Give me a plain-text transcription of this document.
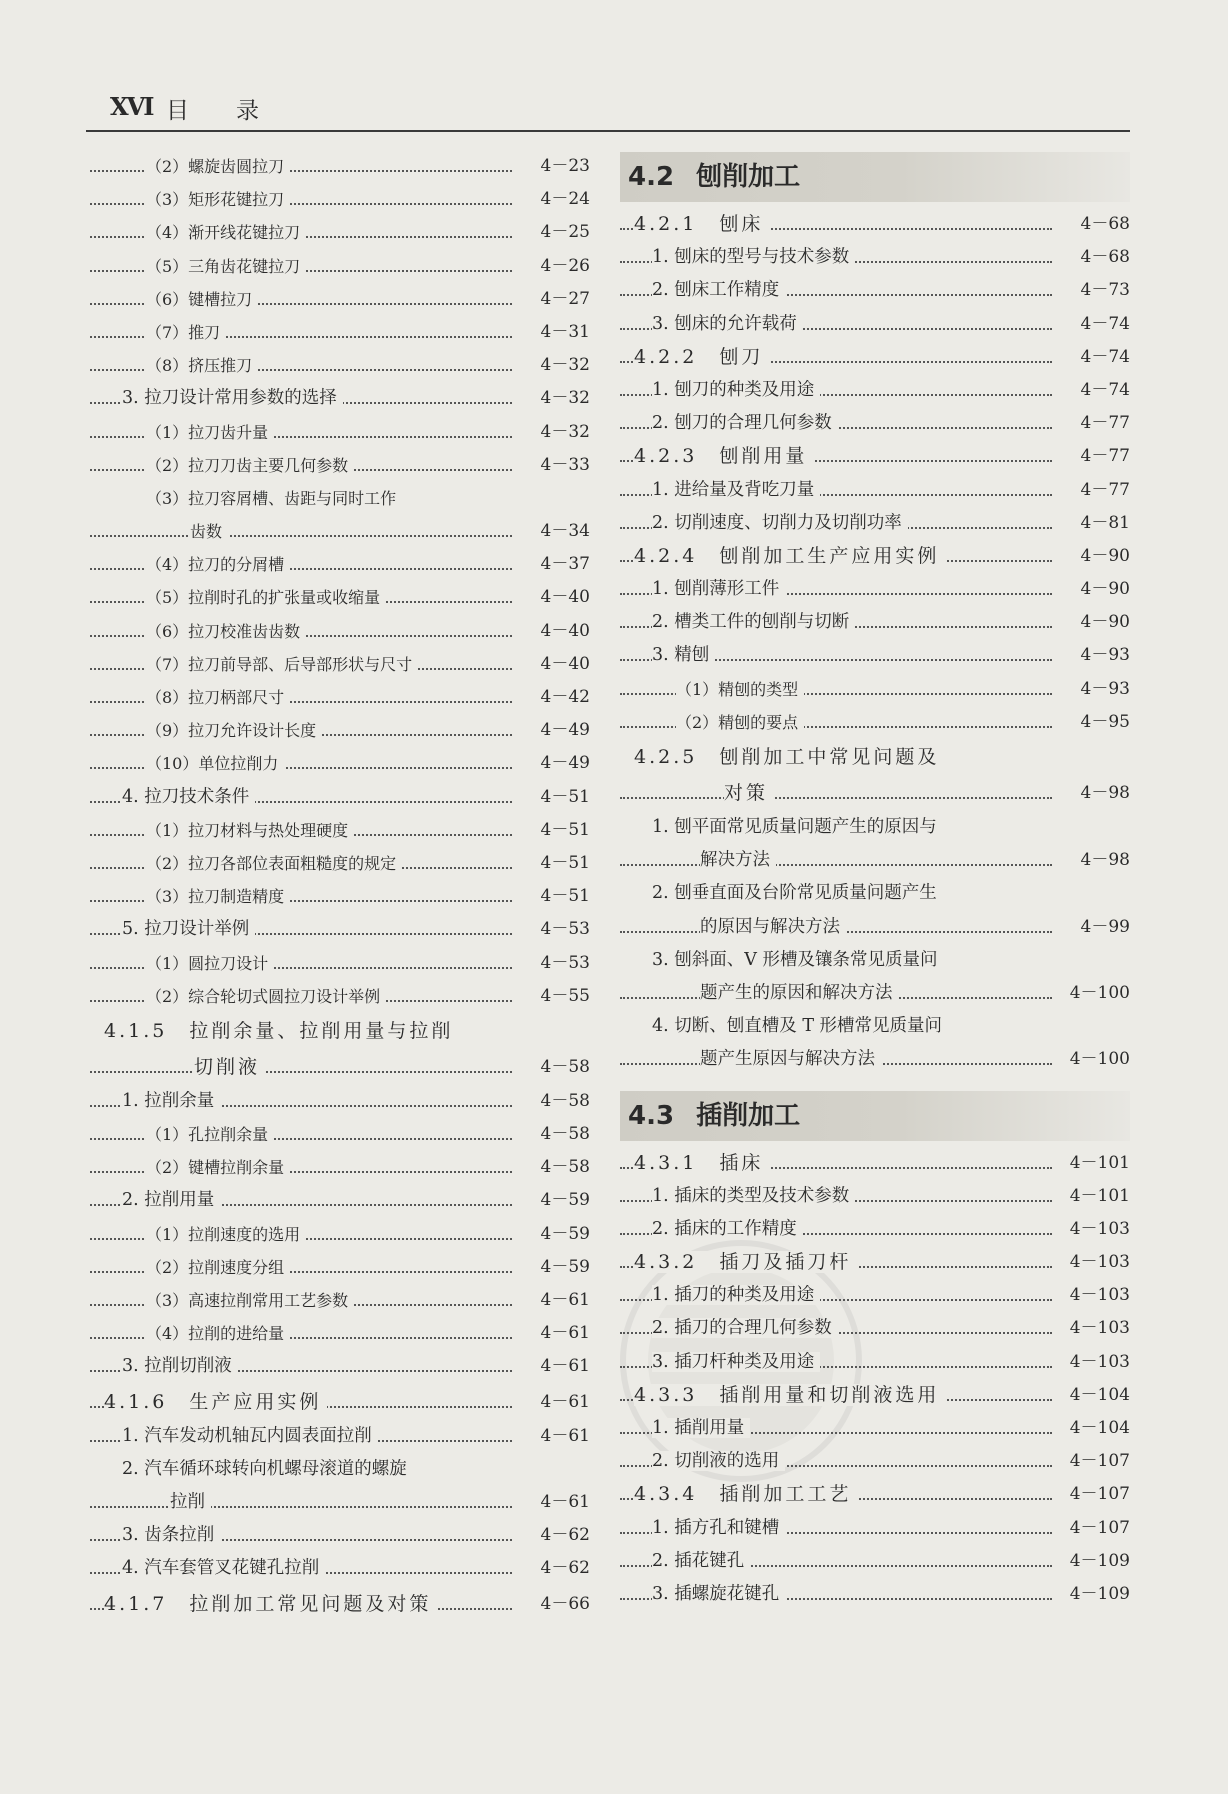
XVI 目 录
（2）螺旋齿圆拉刀	4－23
（3）矩形花键拉刀	4－24
（4）渐开线花键拉刀	4－25
（5）三角齿花键拉刀	4－26
（6）键槽拉刀	4－27
（7）推刀	4－31
（8）挤压推刀	4－32
3. 拉刀设计常用参数的选择	4－32
（1）拉刀齿升量	4－32
（2）拉刀刀齿主要几何参数	4－33
（3）拉刀容屑槽、齿距与同时工作
齿数	4－34
（4）拉刀的分屑槽	4－37
（5）拉削时孔的扩张量或收缩量	4－40
（6）拉刀校准齿齿数	4－40
（7）拉刀前导部、后导部形状与尺寸	4－40
（8）拉刀柄部尺寸	4－42
（9）拉刀允许设计长度	4－49
（10）单位拉削力	4－49
4. 拉刀技术条件	4－51
（1）拉刀材料与热处理硬度	4－51
（2）拉刀各部位表面粗糙度的规定	4－51
（3）拉刀制造精度	4－51
5. 拉刀设计举例	4－53
（1）圆拉刀设计	4－53
（2）综合轮切式圆拉刀设计举例	4－55
4.1.5　拉削余量、拉削用量与拉削
切削液	4－58
1. 拉削余量	4－58
（1）孔拉削余量	4－58
（2）键槽拉削余量	4－58
2. 拉削用量	4－59
（1）拉削速度的选用	4－59
（2）拉削速度分组	4－59
（3）高速拉削常用工艺参数	4－61
（4）拉削的进给量	4－61
3. 拉削切削液	4－61
4.1.6　生产应用实例	4－61
1. 汽车发动机轴瓦内圆表面拉削	4－61
2. 汽车循环球转向机螺母滚道的螺旋
拉削	4－61
3. 齿条拉削	4－62
4. 汽车套管叉花键孔拉削	4－62
4.1.7　拉削加工常见问题及对策	4－66
4.2 刨削加工
4.2.1　刨床	4－68
1. 刨床的型号与技术参数	4－68
2. 刨床工作精度	4－73
3. 刨床的允许载荷	4－74
4.2.2　刨刀	4－74
1. 刨刀的种类及用途	4－74
2. 刨刀的合理几何参数	4－77
4.2.3　刨削用量	4－77
1. 进给量及背吃刀量	4－77
2. 切削速度、切削力及切削功率	4－81
4.2.4　刨削加工生产应用实例	4－90
1. 刨削薄形工件	4－90
2. 槽类工件的刨削与切断	4－90
3. 精刨	4－93
（1）精刨的类型	4－93
（2）精刨的要点	4－95
4.2.5　刨削加工中常见问题及
对策	4－98
1. 刨平面常见质量问题产生的原因与
解决方法	4－98
2. 刨垂直面及台阶常见质量问题产生
的原因与解决方法	4－99
3. 刨斜面、V 形槽及镶条常见质量问
题产生的原因和解决方法	4－100
4. 切断、刨直槽及 T 形槽常见质量问
题产生原因与解决方法	4－100
4.3 插削加工
4.3.1　插床	4－101
1. 插床的类型及技术参数	4－101
2. 插床的工作精度	4－103
4.3.2　插刀及插刀杆	4－103
1. 插刀的种类及用途	4－103
2. 插刀的合理几何参数	4－103
3. 插刀杆种类及用途	4－103
4.3.3　插削用量和切削液选用	4－104
1. 插削用量	4－104
2. 切削液的选用	4－107
4.3.4　插削加工工艺	4－107
1. 插方孔和键槽	4－107
2. 插花键孔	4－109
3. 插螺旋花键孔	4－109
